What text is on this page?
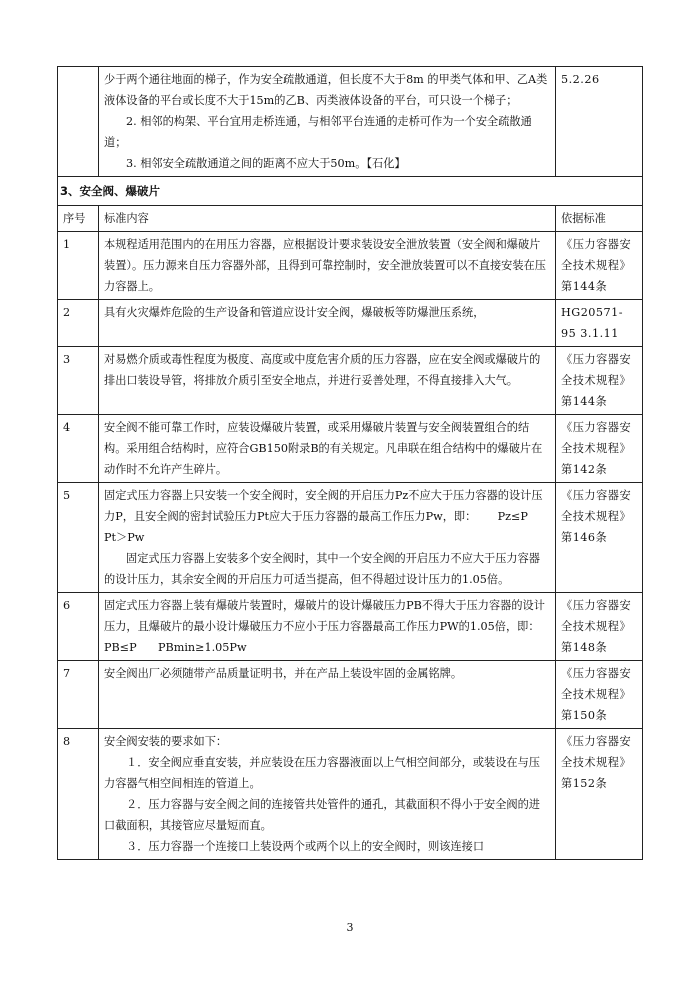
	少于两个通往地面的梯子，作为安全疏散通道，但长度不大于8m 的甲类气体和甲、乙A类液体设备的平台或长度不大于15m的乙B、丙类液体设备的平台，可只设一个梯子；

2. 相邻的构架、平台宜用走桥连通，与相邻平台连通的走桥可作为一个安全疏散通道；

3. 相邻安全疏散通道之间的距离不应大于50m。【石化】	5.2.26

3、安全阀、爆破片		
序号	标准内容	依据标准
1	本规程适用范围内的在用压力容器，应根据设计要求装设安全泄放装置（安全阀和爆破片装置）。压力源来自压力容器外部，且得到可靠控制时，安全泄放装置可以不直接安装在压力容器上。	《压力容器安全技术规程》第144条

2	具有火灾爆炸危险的生产设备和管道应设计安全阀，爆破板等防爆泄压系统，	HG20571-95 3.1.11

3	对易燃介质或毒性程度为极度、高度或中度危害介质的压力容器，应在安全阀或爆破片的排出口装设导管，将排放介质引至安全地点，并进行妥善处理，不得直接排入大气。	《压力容器安全技术规程》第144条

4	安全阀不能可靠工作时，应装设爆破片装置，或采用爆破片装置与安全阀装置组合的结构。采用组合结构时，应符合GB150附录B的有关规定。凡串联在组合结构中的爆破片在动作时不允许产生碎片。	《压力容器安全技术规程》第142条

5	固定式压力容器上只安装一个安全阀时，安全阀的开启压力Pz不应大于压力容器的设计压力P，且安全阀的密封试验压力Pt应大于压力容器的最高工作压力Pw，即：      Pz≤P      Pt＞Pw

固定式压力容器上安装多个安全阀时，其中一个安全阀的开启压力不应大于压力容器的设计压力，其余安全阀的开启压力可适当提高，但不得超过设计压力的1.05倍。	《压力容器安全技术规程》第146条

6	固定式压力容器上装有爆破片装置时，爆破片的设计爆破压力PB不得大于压力容器的设计压力，且爆破片的最小设计爆破压力不应小于压力容器最高工作压力PW的1.05倍，即：  PB≤P      PBmin≥1.05Pw	《压力容器安全技术规程》第148条

7	安全阀出厂必须随带产品质量证明书，并在产品上装设牢固的金属铭牌。	《压力容器安全技术规程》第150条

8	安全阀安装的要求如下：

１．安全阀应垂直安装，并应装设在压力容器液面以上气相空间部分，或装设在与压力容器气相空间相连的管道上。

２．压力容器与安全阀之间的连接管共处管件的通孔，其截面积不得小于安全阀的进口截面积，其接管应尽量短而直。

３．压力容器一个连接口上装设两个或两个以上的安全阀时，则该连接口	《压力容器安全技术规程》第152条

3
